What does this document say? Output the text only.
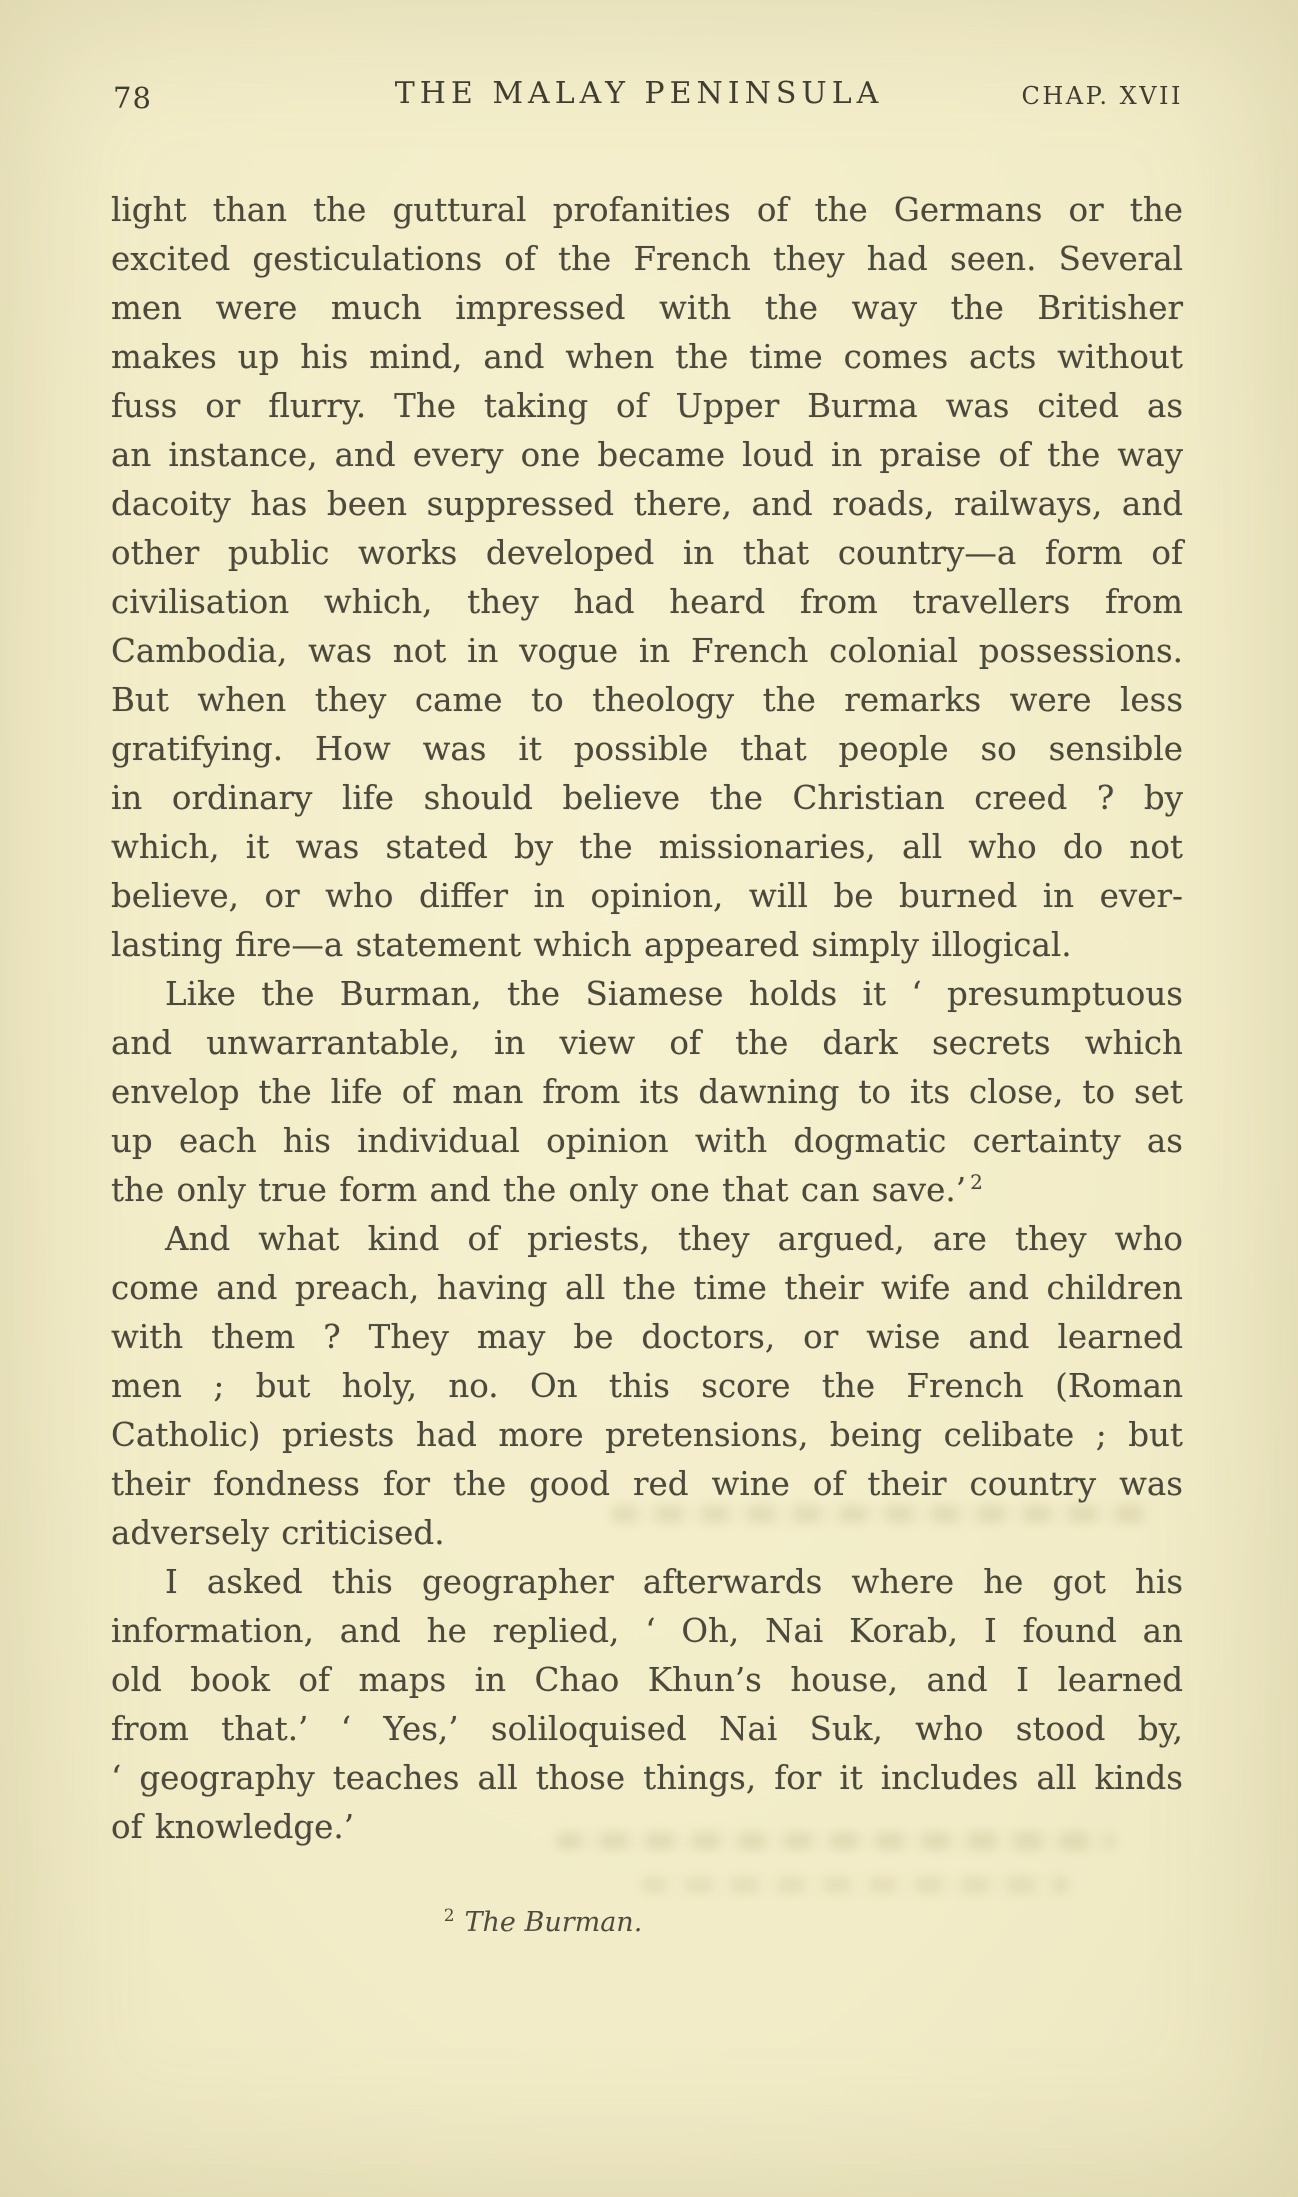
78	THE MALAY PENINSULA	CHAP. XVII
light than the guttural profanities of the Germans or the
excited gesticulations of the French they had seen. Several
men were much impressed with the way the Britisher
makes up his mind, and when the time comes acts without
fuss or flurry. The taking of Upper Burma was cited as
an instance, and every one became loud in praise of the way
dacoity has been suppressed there, and roads, railways, and
other public works developed in that country—a form of
civilisation which, they had heard from travellers from
Cambodia, was not in vogue in French colonial possessions.
But when they came to theology the remarks were less
gratifying. How was it possible that people so sensible
in ordinary life should believe the Christian creed ? by
which, it was stated by the missionaries, all who do not
believe, or who differ in opinion, will be burned in ever-
lasting fire—a statement which appeared simply illogical.
Like the Burman, the Siamese holds it ‘ presumptuous
and unwarrantable, in view of the dark secrets which
envelop the life of man from its dawning to its close, to set
up each his individual opinion with dogmatic certainty as
the only true form and the only one that can save.’ $^2$
And what kind of priests, they argued, are they who
come and preach, having all the time their wife and children
with them ? They may be doctors, or wise and learned
men ; but holy, no. On this score the French (Roman
Catholic) priests had more pretensions, being celibate ; but
their fondness for the good red wine of their country was
adversely criticised.
I asked this geographer afterwards where he got his
information, and he replied, ‘ Oh, Nai Korab, I found an
old book of maps in Chao Khun’s house, and I learned
from that.’ ‘ Yes,’ soliloquised Nai Suk, who stood by,
‘ geography teaches all those things, for it includes all kinds
of knowledge.’
$^2$ The Burman.
